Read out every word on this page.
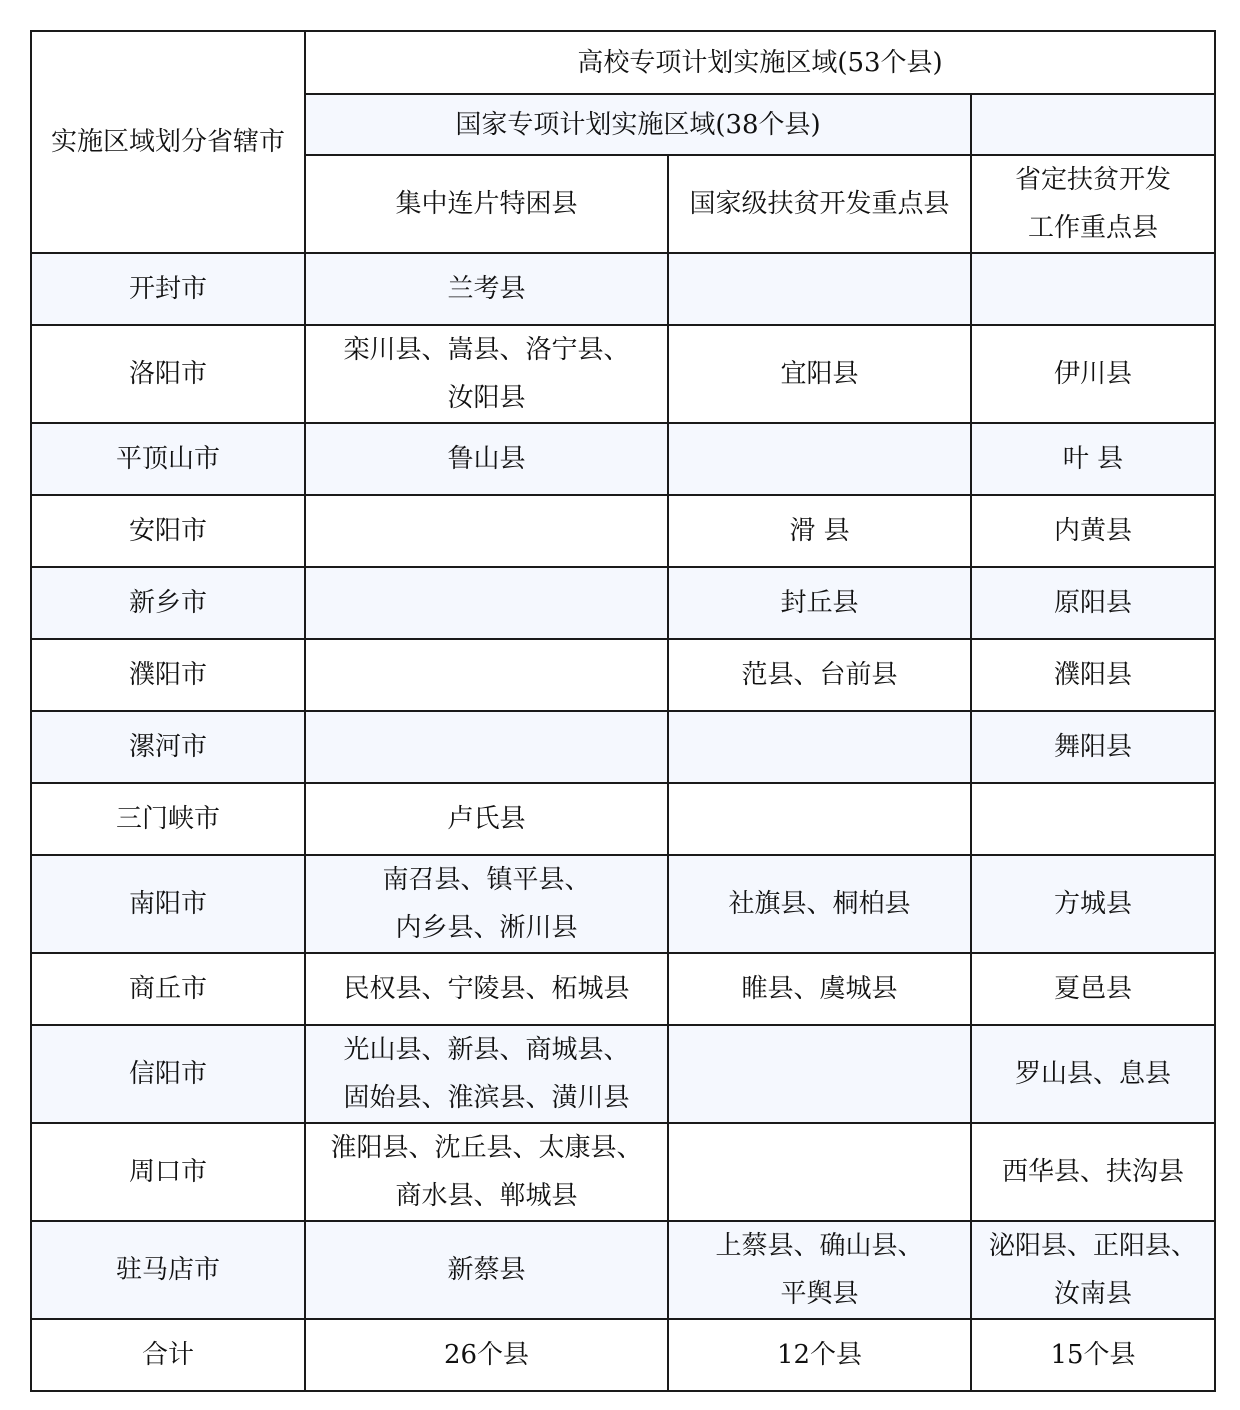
实施区域划分省辖市	高校专项计划实施区域(53个县)		
	国家专项计划实施区域(38个县)		
	集中连片特困县	国家级扶贫开发重点县	省定扶贫开发
工作重点县

开封市	兰考县		

洛阳市	栾川县、嵩县、洛宁县、
汝阳县	宜阳县	伊川县

平顶山市	鲁山县		叶 县

安阳市		滑 县	内黄县

新乡市		封丘县	原阳县

濮阳市		范县、台前县	濮阳县

漯河市			舞阳县

三门峡市	卢氏县		

南阳市	南召县、镇平县、
内乡县、淅川县	社旗县、桐柏县	方城县

商丘市	民权县、宁陵县、柘城县	睢县、虞城县	夏邑县

信阳市	光山县、新县、商城县、
固始县、淮滨县、潢川县		罗山县、息县

周口市	淮阳县、沈丘县、太康县、
商水县、郸城县		西华县、扶沟县

驻马店市	新蔡县	上蔡县、确山县、
平舆县	泌阳县、正阳县、
汝南县

合计	26个县	12个县	15个县
